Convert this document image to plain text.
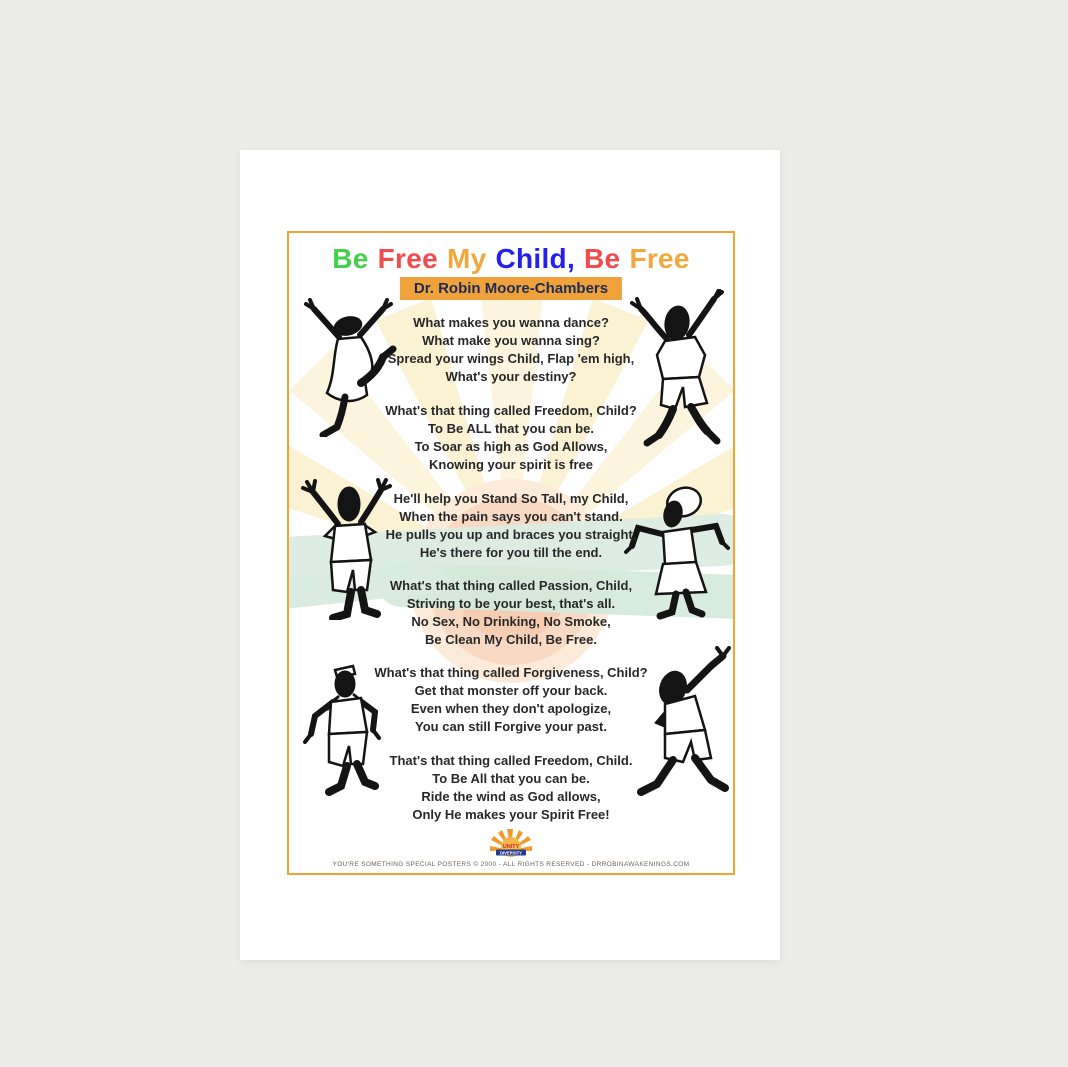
Be Free My Child, Be Free
Dr. Robin Moore-Chambers
What makes you wanna dance?
What make you wanna sing?
Spread your wings Child, Flap 'em high,
What's your destiny?
What's that thing called Freedom, Child?
To Be ALL that you can be.
To Soar as high as God Allows,
Knowing your spirit is free
He'll help you Stand So Tall, my Child,
When the pain says you can't stand.
He pulls you up and braces you straight,
He's there for you till the end.
What's that thing called Passion, Child,
Striving to be your best, that's all.
No Sex, No Drinking, No Smoke,
Be Clean My Child, Be Free.
What's that thing called Forgiveness, Child?
Get that monster off your back.
Even when they don't apologize,
You can still Forgive your past.
That's that thing called Freedom, Child.
To Be All that you can be.
Ride the wind as God allows,
Only He makes your Spirit Free!
UNITY
DIVERSITY
YOU'RE SOMETHING SPECIAL POSTERS © 2000 - ALL RIGHTS RESERVED - DRROBINAWAKENINGS.COM
